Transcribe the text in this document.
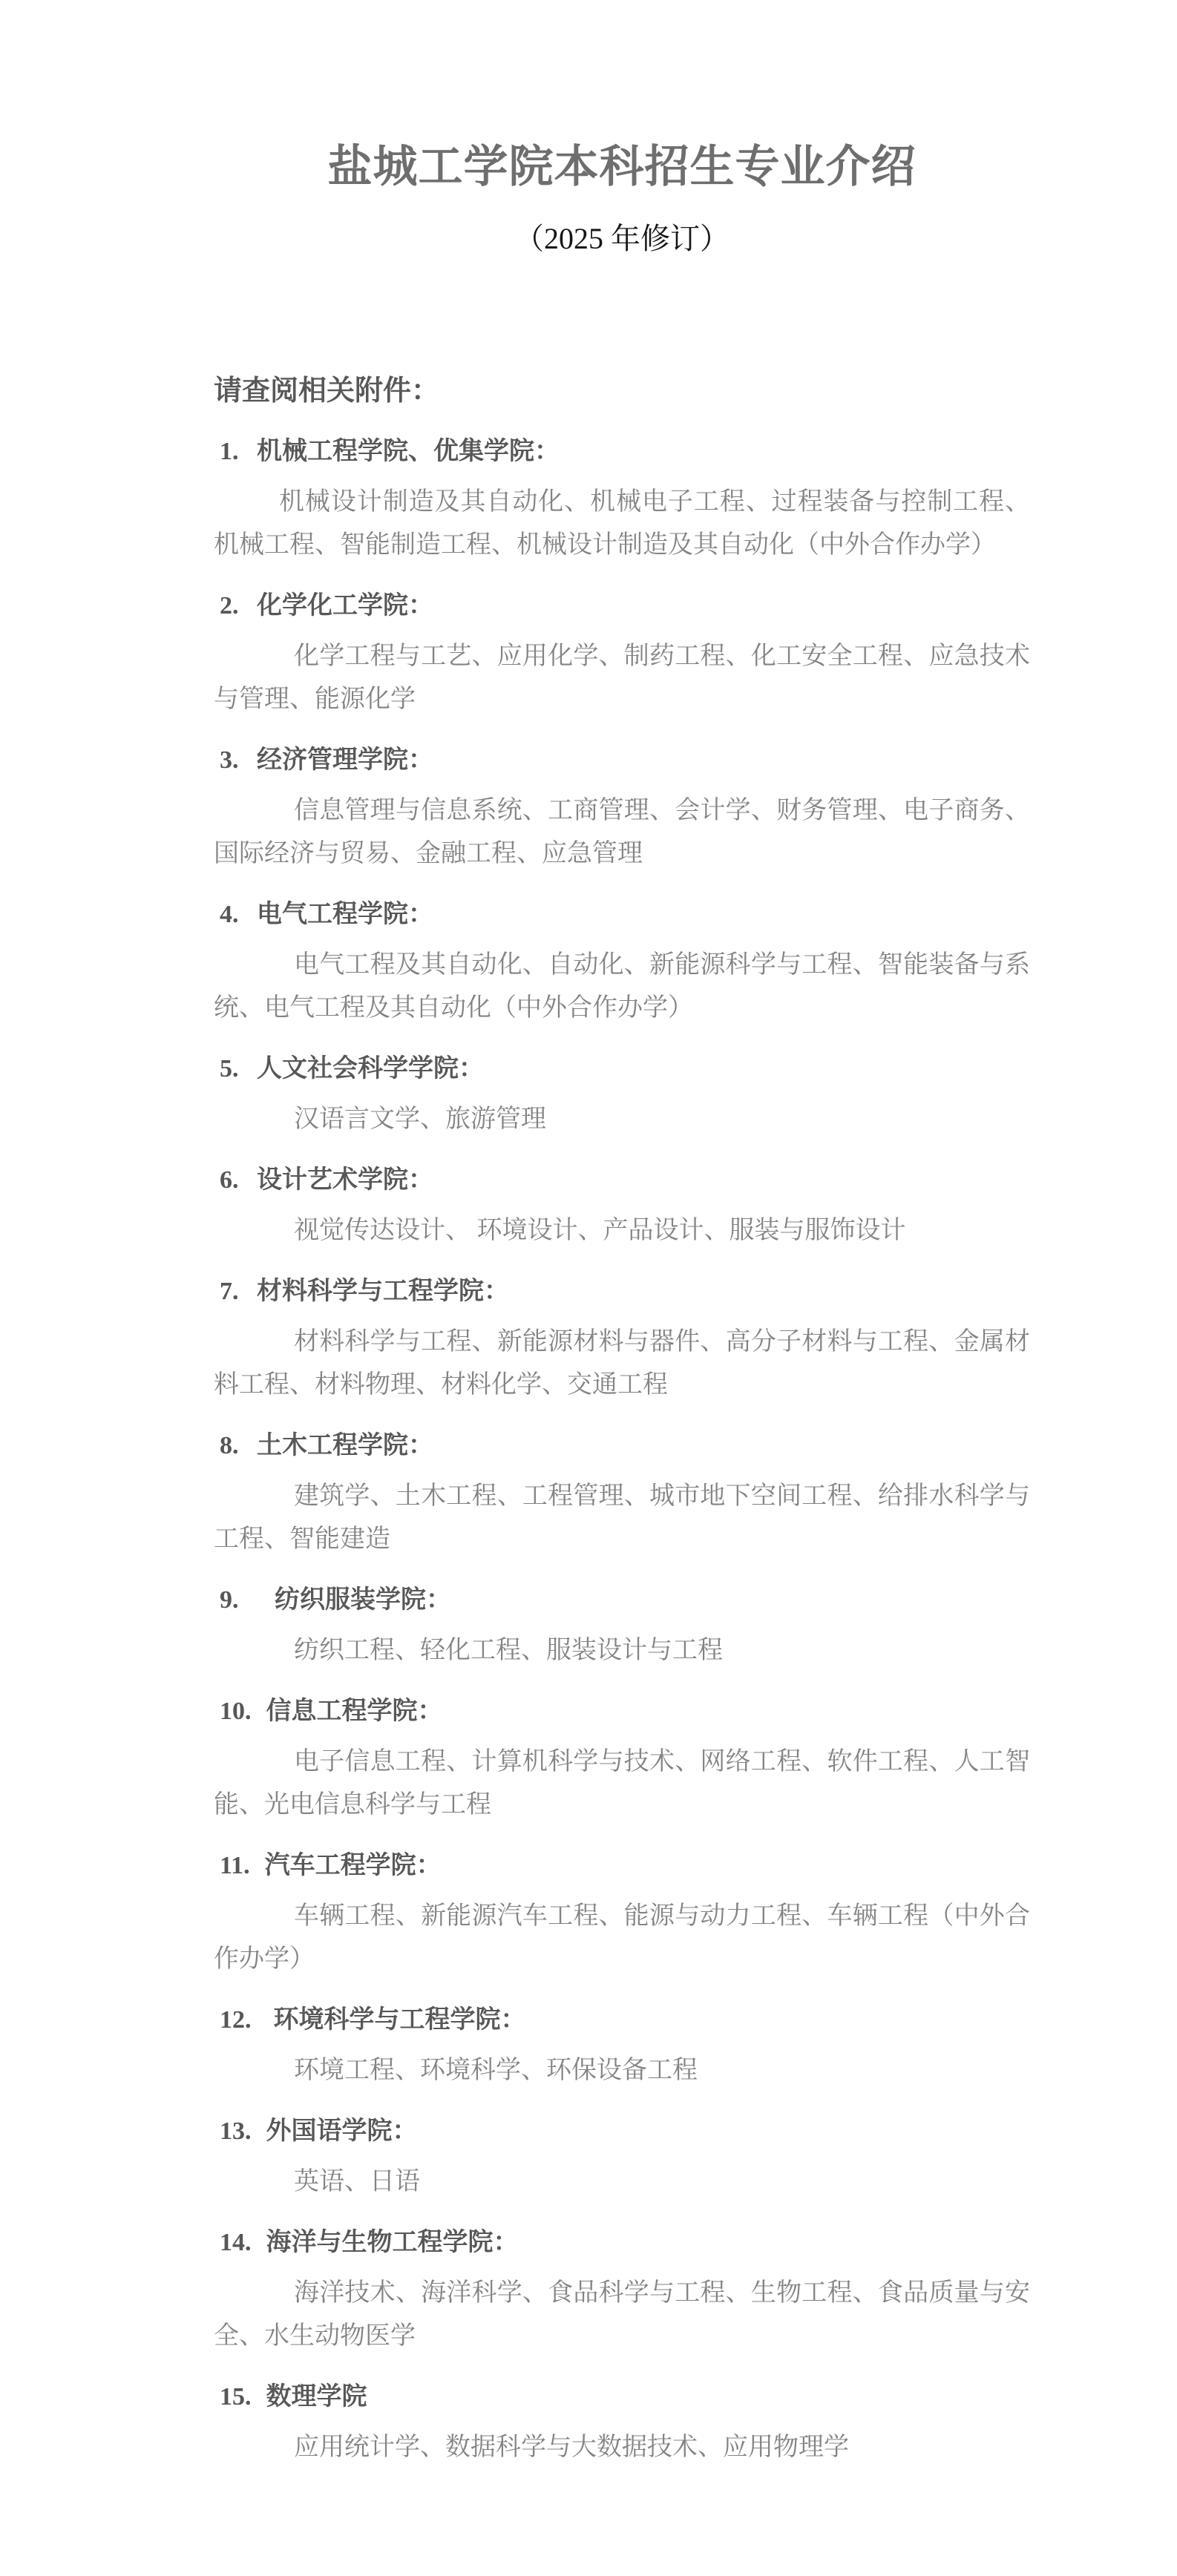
盐城工学院本科招生专业介绍
（2025 年修订）

请查阅相关附件：

1. 机械工程学院、优集学院：

机械设计制造及其自动化、机械电子工程、过程装备与控制工程、机械工程、智能制造工程、机械设计制造及其自动化（中外合作办学）

2. 化学化工学院：

化学工程与工艺、应用化学、制药工程、化工安全工程、应急技术与管理、能源化学

3. 经济管理学院：

信息管理与信息系统、工商管理、会计学、财务管理、电子商务、国际经济与贸易、金融工程、应急管理

4. 电气工程学院：

电气工程及其自动化、自动化、新能源科学与工程、智能装备与系统、电气工程及其自动化（中外合作办学）

5. 人文社会科学学院：

汉语言文学、旅游管理

6. 设计艺术学院：

视觉传达设计、 环境设计、产品设计、服装与服饰设计

7. 材料科学与工程学院：

材料科学与工程、新能源材料与器件、高分子材料与工程、金属材料工程、材料物理、材料化学、交通工程

8. 土木工程学院：

建筑学、土木工程、工程管理、城市地下空间工程、给排水科学与工程、智能建造

9. 纺织服装学院：

纺织工程、轻化工程、服装设计与工程

10. 信息工程学院：

电子信息工程、计算机科学与技术、网络工程、软件工程、人工智能、光电信息科学与工程

11. 汽车工程学院：

车辆工程、新能源汽车工程、能源与动力工程、车辆工程（中外合作办学）

12. 环境科学与工程学院：

环境工程、环境科学、环保设备工程

13. 外国语学院：

英语、日语

14. 海洋与生物工程学院：

海洋技术、海洋科学、食品科学与工程、生物工程、食品质量与安全、水生动物医学

15. 数理学院

应用统计学、数据科学与大数据技术、应用物理学
